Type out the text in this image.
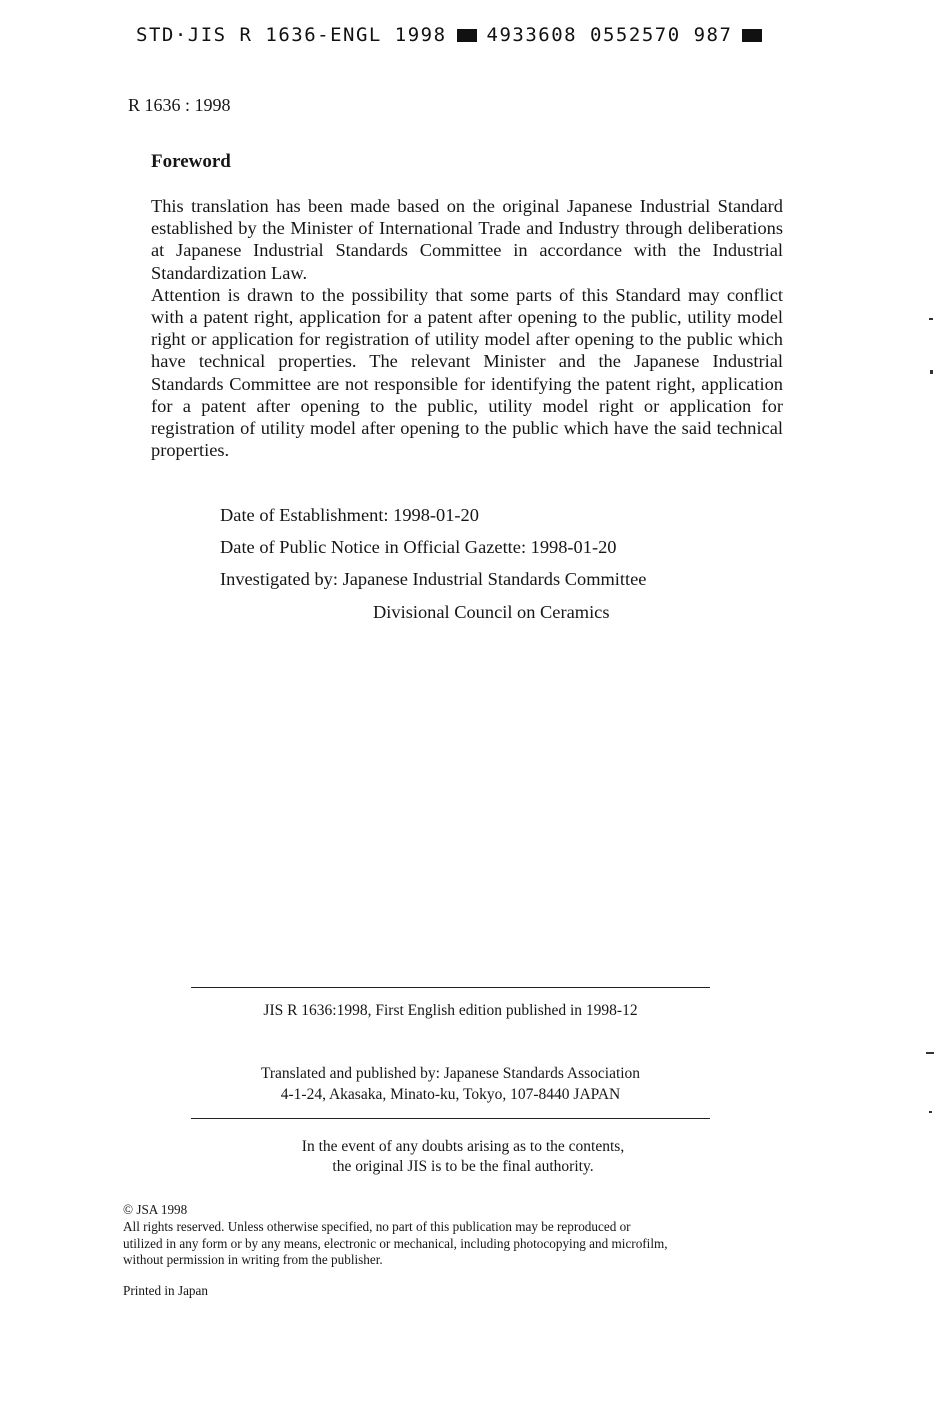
STD·JIS R 1636-ENGL 1998 4933608 0552570 987
R 1636 : 1998
Foreword

This translation has been made based on the original Japanese Industrial Standard established by the Minister of International Trade and Industry through deliberations at Japanese Industrial Standards Committee in accordance with the Industrial Standardization Law.

Attention is drawn to the possibility that some parts of this Standard may conflict with a patent right, application for a patent after opening to the public, utility model right or application for registration of utility model after opening to the public which have technical properties. The relevant Minister and the Japanese Industrial Standards Committee are not responsible for identifying the patent right, application for a patent after opening to the public, utility model right or application for registration of utility model after opening to the public which have the said technical properties.

Date of Establishment: 1998-01-20
Date of Public Notice in Official Gazette: 1998-01-20
Investigated by: Japanese Industrial Standards Committee
Divisional Council on Ceramics
JIS R 1636:1998, First English edition published in 1998-12
Translated and published by: Japanese Standards Association
4-1-24, Akasaka, Minato-ku, Tokyo, 107-8440 JAPAN
In the event of any doubts arising as to the contents,
the original JIS is to be the final authority.
© JSA 1998
All rights reserved. Unless otherwise specified, no part of this publication may be reproduced or
utilized in any form or by any means, electronic or mechanical, including photocopying and microfilm,
without permission in writing from the publisher.
Printed in Japan
